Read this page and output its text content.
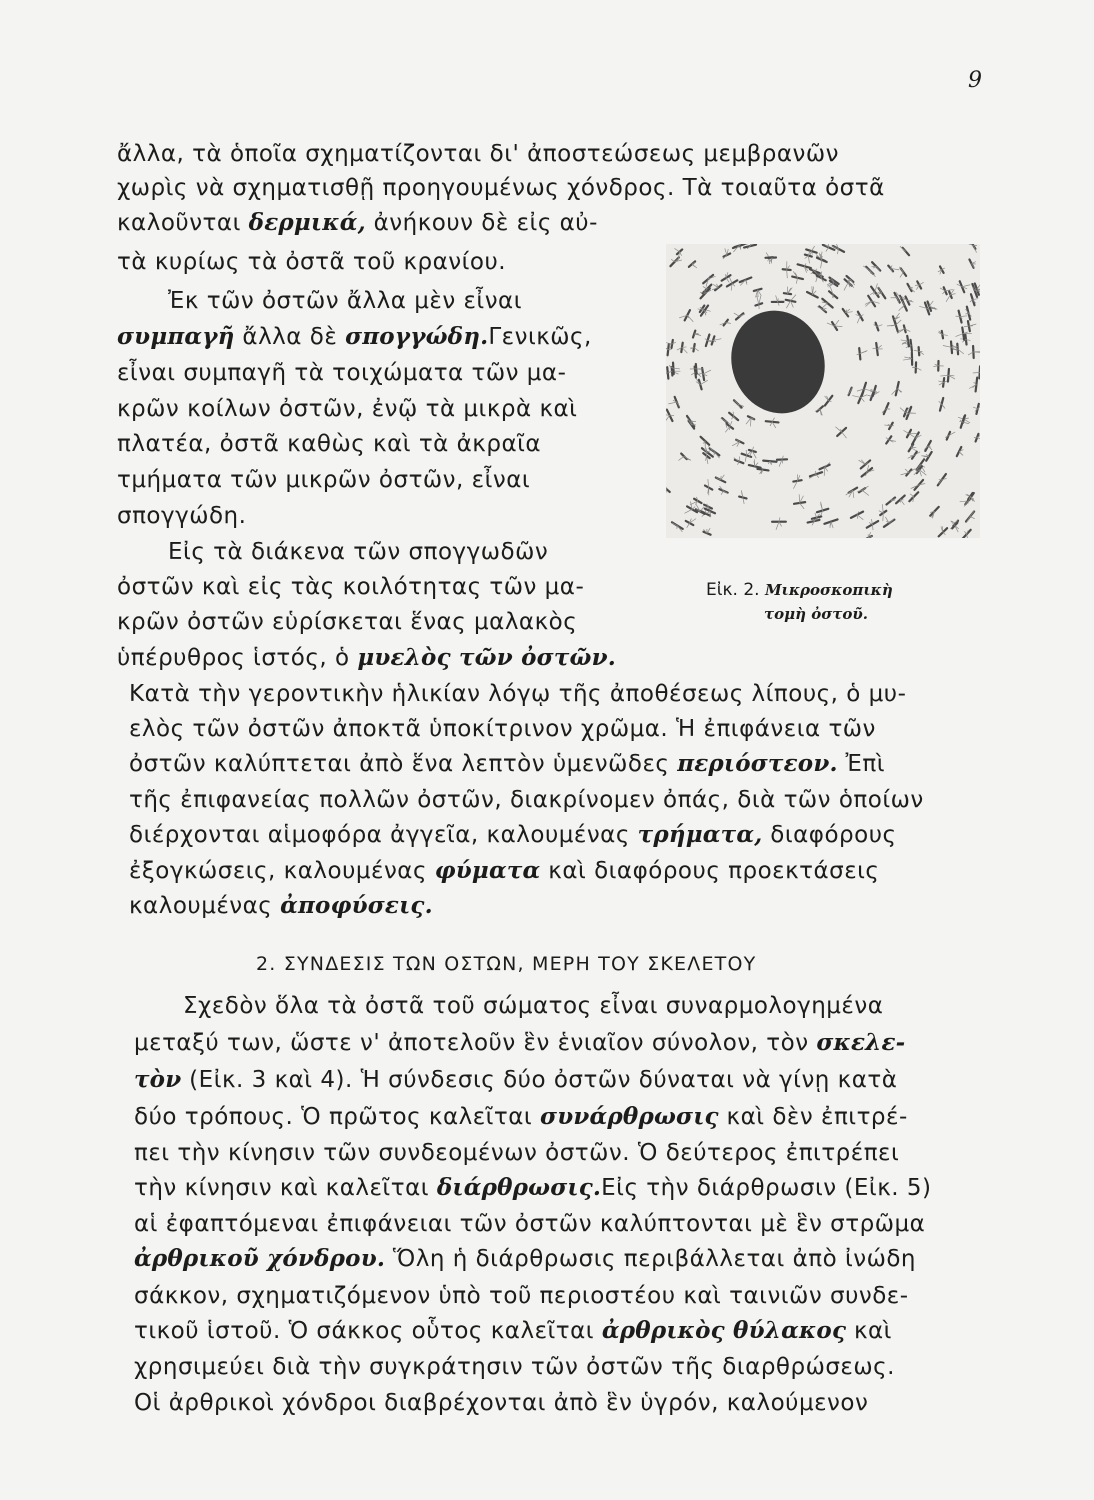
9
ἄλλα, τὰ ὁποῖα σχηματίζονται δι' ἀποστεώσεως μεμβρανῶν
χωρὶς νὰ σχηματισθῇ προηγουμένως χόνδρος. Τὰ τοιαῦτα ὀστᾶ
καλοῦνται δερμικά, ἀνήκουν δὲ εἰς αὐ-
τὰ κυρίως τὰ ὀστᾶ τοῦ κρανίου.
Ἐκ τῶν ὀστῶν ἄλλα μὲν εἶναι
συμπαγῆ ἄλλα δὲ σπογγώδη.Γενικῶς,
εἶναι συμπαγῆ τὰ τοιχώματα τῶν μα-
κρῶν κοίλων ὀστῶν, ἐνῷ τὰ μικρὰ καὶ
πλατέα, ὀστᾶ καθὼς καὶ τὰ ἀκραῖα
τμήματα τῶν μικρῶν ὀστῶν, εἶναι
σπογγώδη.
Εἰς τὰ διάκενα τῶν σπογγωδῶν
ὀστῶν καὶ εἰς τὰς κοιλότητας τῶν μα-
κρῶν ὀστῶν εὑρίσκεται ἕνας μαλακὸς
ὑπέρυθρος ἱστός, ὁ μυελὸς τῶν ὀστῶν.
Κατὰ τὴν γεροντικὴν ἡλικίαν λόγῳ τῆς ἀποθέσεως λίπους, ὁ μυ-
ελὸς τῶν ὀστῶν ἀποκτᾶ ὑποκίτρινον χρῶμα. Ἡ ἐπιφάνεια τῶν
ὀστῶν καλύπτεται ἀπὸ ἕνα λεπτὸν ὑμενῶδες περιόστεον. Ἐπὶ
τῆς ἐπιφανείας πολλῶν ὀστῶν, διακρίνομεν ὀπάς, διὰ τῶν ὁποίων
διέρχονται αἱμοφόρα ἀγγεῖα, καλουμένας τρήματα, διαφόρους
ἐξογκώσεις, καλουμένας φύματα καὶ διαφόρους προεκτάσεις
καλουμένας ἀποφύσεις.
Εἰκ. 2. Μικροσκοπικὴ
τομὴ ὀστοῦ.
2. ΣΥΝΔΕΣΙΣ ΤΩΝ ΟΣΤΩΝ, ΜΕΡΗ ΤΟΥ ΣΚΕΛΕΤΟΥ
Σχεδὸν ὅλα τὰ ὀστᾶ τοῦ σώματος εἶναι συναρμολογημένα
μεταξύ των, ὥστε ν' ἀποτελοῦν ἓν ἑνιαῖον σύνολον, τὸν σκελε-
τὸν (Εἰκ. 3 καὶ 4). Ἡ σύνδεσις δύο ὀστῶν δύναται νὰ γίνῃ κατὰ
δύο τρόπους. Ὁ πρῶτος καλεῖται συνάρθρωσις καὶ δὲν ἐπιτρέ-
πει τὴν κίνησιν τῶν συνδεομένων ὀστῶν. Ὁ δεύτερος ἐπιτρέπει
τὴν κίνησιν καὶ καλεῖται διάρθρωσις.Εἰς τὴν διάρθρωσιν (Εἰκ. 5)
αἱ ἐφαπτόμεναι ἐπιφάνειαι τῶν ὀστῶν καλύπτονται μὲ ἓν στρῶμα
ἀρθρικοῦ χόνδρου. Ὅλη ἡ διάρθρωσις περιβάλλεται ἀπὸ ἰνώδη
σάκκον, σχηματιζόμενον ὑπὸ τοῦ περιοστέου καὶ ταινιῶν συνδε-
τικοῦ ἱστοῦ. Ὁ σάκκος οὗτος καλεῖται ἀρθρικὸς θύλακος καὶ
χρησιμεύει διὰ τὴν συγκράτησιν τῶν ὀστῶν τῆς διαρθρώσεως.
Οἱ ἀρθρικοὶ χόνδροι διαβρέχονται ἀπὸ ἓν ὑγρόν, καλούμενον
